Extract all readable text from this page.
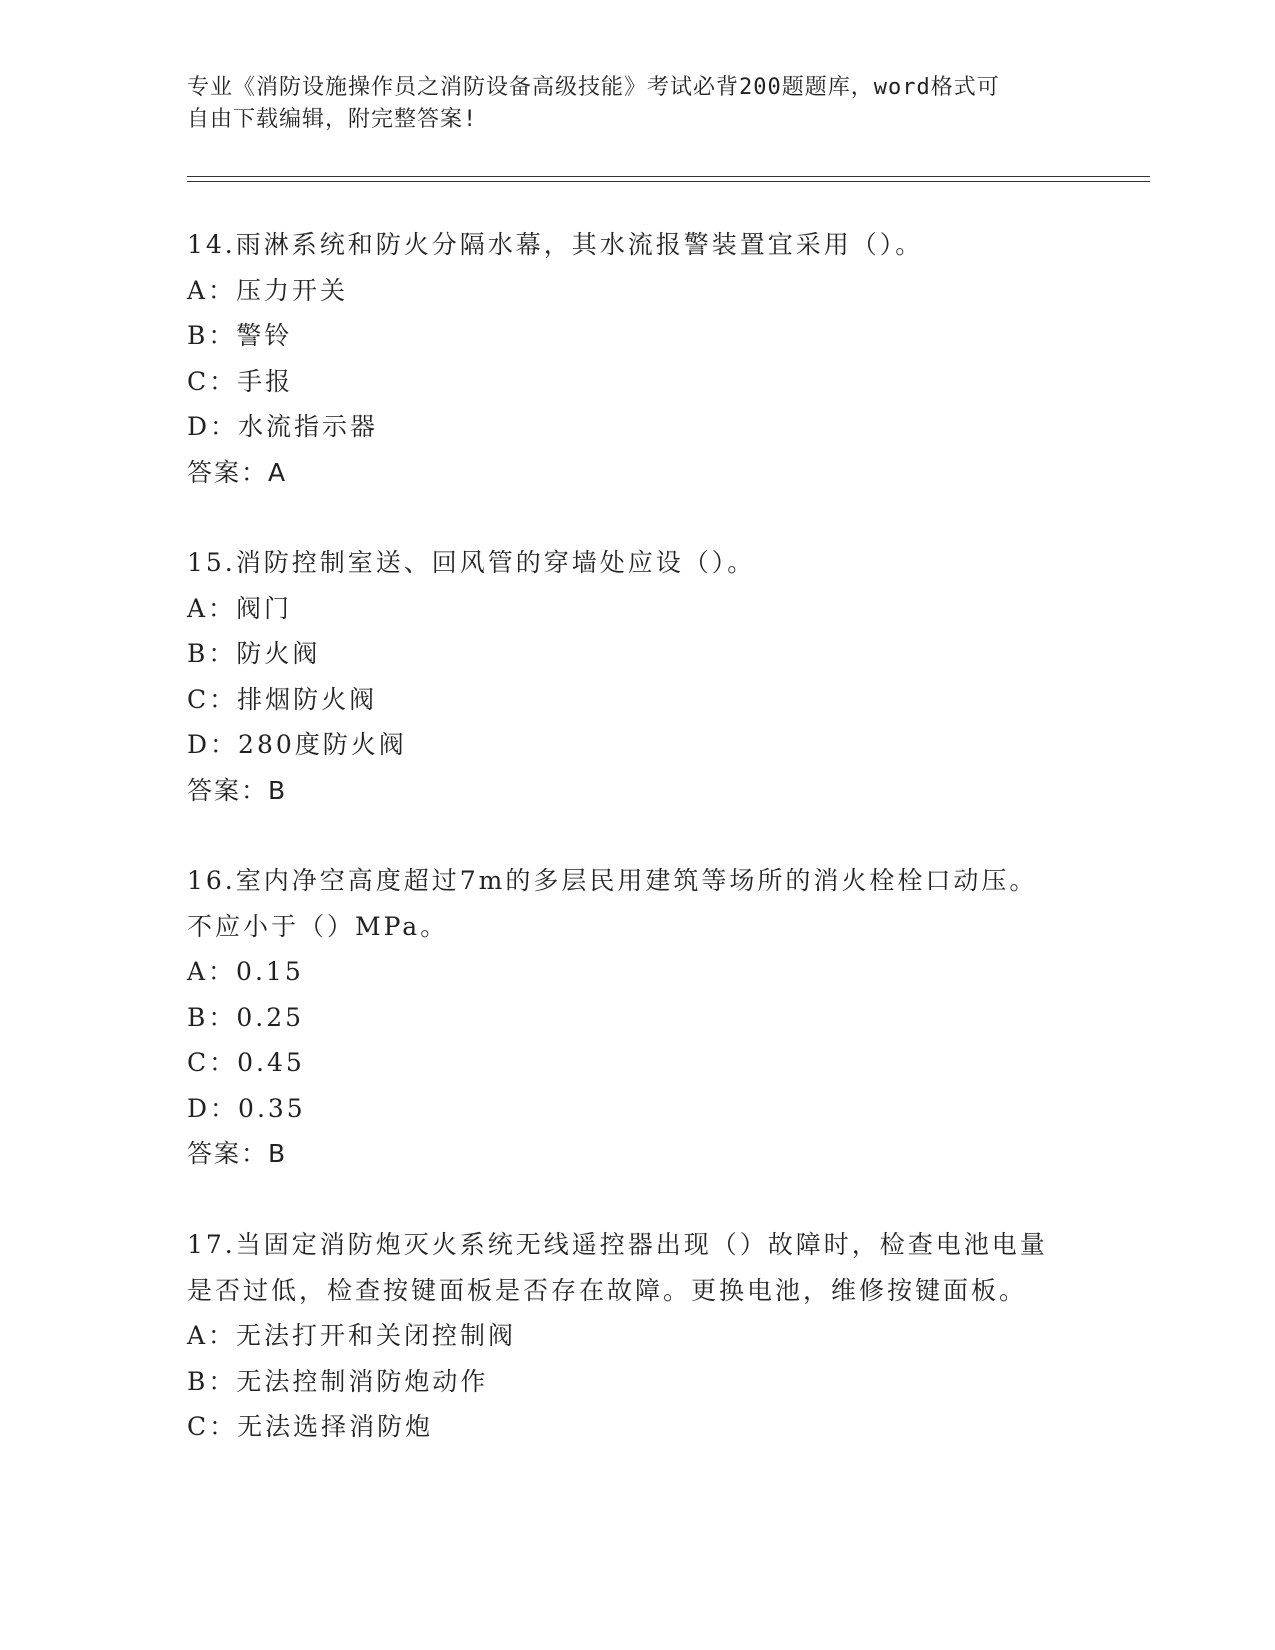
专业《消防设施操作员之消防设备高级技能》考试必背200题题库，word格式可
自由下载编辑，附完整答案!
14.雨淋系统和防火分隔水幕，其水流报警装置宜采用（）。
A：压力开关
B：警铃
C：手报
D：水流指示器
答案：A
15.消防控制室送、回风管的穿墙处应设（）。
A：阀门
B：防火阀
C：排烟防火阀
D：280度防火阀
答案：B
16.室内净空高度超过7m的多层民用建筑等场所的消火栓栓口动压。
不应小于（）MPa。
A：0.15
B：0.25
C：0.45
D：0.35
答案：B
17.当固定消防炮灭火系统无线遥控器出现（）故障时，检查电池电量
是否过低，检查按键面板是否存在故障。更换电池，维修按键面板。
A：无法打开和关闭控制阀
B：无法控制消防炮动作
C：无法选择消防炮
